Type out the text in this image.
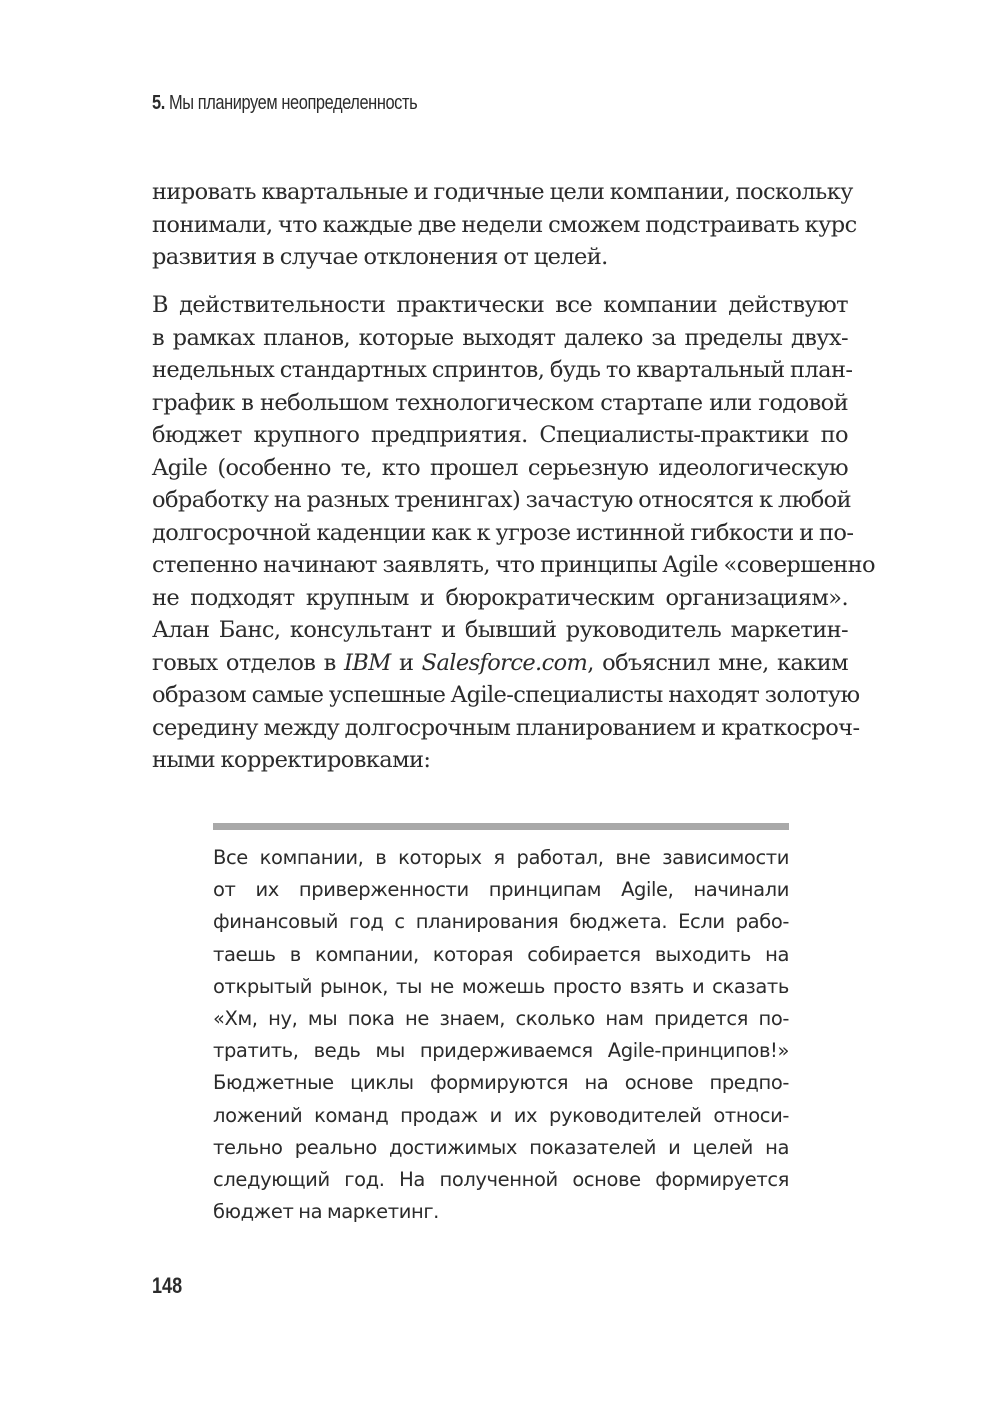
5. Мы планируем неопределенность
нировать квартальные и годичные цели компании, поскольку
понимали, что каждые две недели сможем подстраивать курс
развития в случае отклонения от целей.
В действительности практически все компании действуют
в рамках планов, которые выходят далеко за пределы двух-
недельных стандартных спринтов, будь то квартальный план-
график в небольшом технологическом стартапе или годовой
бюджет крупного предприятия. Специалисты-практики по
Agile (особенно те, кто прошел серьезную идеологическую
обработку на разных тренингах) зачастую относятся к любой
долгосрочной каденции как к угрозе истинной гибкости и по-
степенно начинают заявлять, что принципы Agile «совершенно
не подходят крупным и бюрократическим организациям».
Алан Банс, консультант и бывший руководитель маркетин-
говых отделов в IBM и Salesforce.com, объяснил мне, каким
образом самые успешные Agile-специалисты находят золотую
середину между долгосрочным планированием и краткосроч-
ными корректировками:
Все компании, в которых я работал, вне зависимости
от их приверженности принципам Agile, начинали
финансовый год с планирования бюджета. Если рабо-
таешь в компании, которая собирается выходить на
открытый рынок, ты не можешь просто взять и сказать
«Хм, ну, мы пока не знаем, сколько нам придется по-
тратить, ведь мы придерживаемся Agile-принципов!»
Бюджетные циклы формируются на основе предпо-
ложений команд продаж и их руководителей относи-
тельно реально достижимых показателей и целей на
следующий год. На полученной основе формируется
бюджет на маркетинг.
148
